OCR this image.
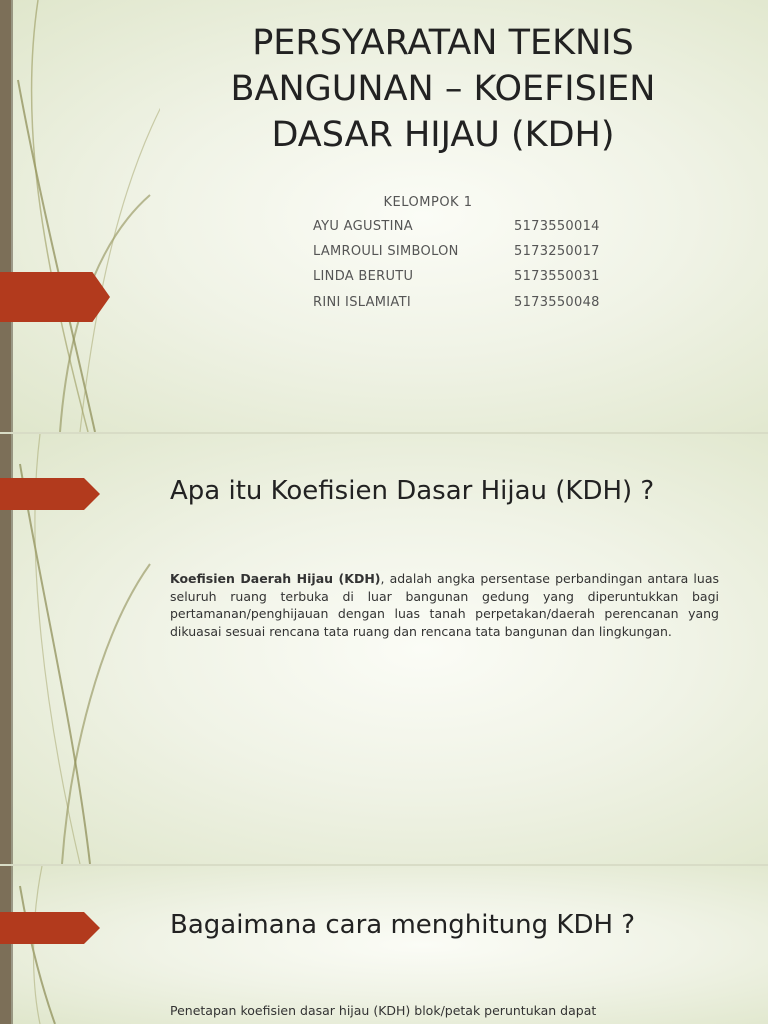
PERSYARATAN TEKNIS BANGUNAN – KOEFISIEN DASAR HIJAU (KDH)
KELOMPOK 1
AYU AGUSTINA	5173550014
LAMROULI SIMBOLON	5173250017
LINDA BERUTU	5173550031
RINI ISLAMIATI	5173550048
Apa itu Koefisien Dasar Hijau (KDH) ?

Koefisien Daerah Hijau (KDH), adalah angka persentase perbandingan antara luas seluruh ruang terbuka di luar bangunan gedung yang diperuntukkan bagi pertamanan/penghijauan dengan luas tanah perpetakan/daerah perencanan yang dikuasai sesuai rencana tata ruang dan rencana tata bangunan dan lingkungan.

Bagaimana cara menghitung KDH ?

Penetapan koefisien dasar hijau (KDH) blok/petak peruntukan dapat
